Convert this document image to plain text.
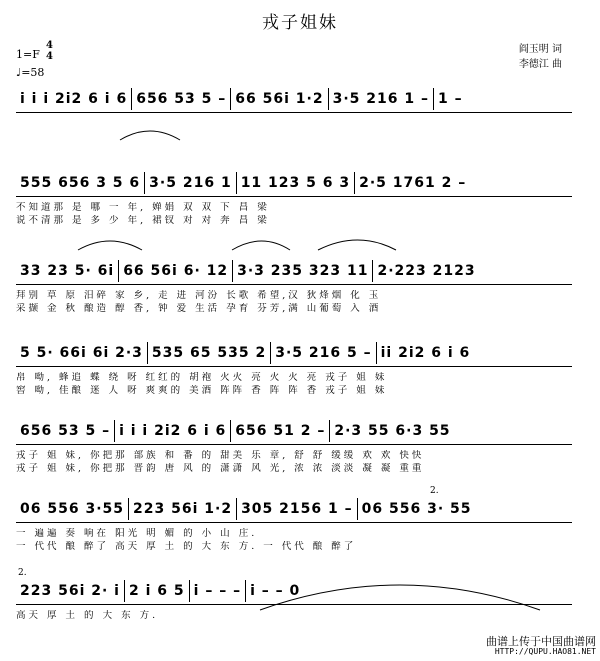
戎子姐妹
1=F
4
4
♩=58
阎玉明 词
李德江 曲
i i i 2i2 6 i 6 656 53 5 – 66 56i 1·2 3·5 216 1 – 1 –
555 656 3 5 6 3·5 216 1 11 123 5 6 3 2·5 1761 2 –
不知道那 是 哪 一 年, 婵娟 双 双 下 昌 梁
说不清那 是 多 少 年, 裙钗 对 对 奔 昌 梁
33 23 5· 6i 66 56i 6· 12 3·3 235 323 11 2·223 2123
拜别 草 原 汨碎 家 乡, 走 进 河汾 长歌 希望,汉 狄烽烟 化 玉
采撷 金 秋 酿造 醇 香, 钟 爱 生活 孕育 芬芳,满 山葡萄 入 酒
5 5· 66i 6i 2·3 535 65 535 2 3·5 216 5 – ii 2i2 6 i 6
帛 呦, 蜂追 蝶 绕 呀 红红的 胡袍 火火 亮 火 火 亮 戎子 姐 妹
窖 呦, 佳酿 迷 人 呀 爽爽的 美酒 阵阵 香 阵 阵 香 戎子 姐 妹
656 53 5 – i i i 2i2 6 i 6 656 51 2 – 2·3 55 6·3 55
戎子 姐 妹, 你把那 部族 和 番 的 甜美 乐 章, 舒 舒 缓缓 欢 欢 快快
戎子 姐 妹, 你把那 晋韵 唐 风 的 潇潇 风 光, 浓 浓 淡淡 凝 凝 重重
06 556 3·55 223 56i 1·2 305 2156 1 – 06 556 3· 55
一 遍遍 奏 响在 阳光 明 媚 的 小 山 庄.
一 代代 酿 醉了 高天 厚 土 的 大 东 方. 一 代代 酿 醉了
223 56i 2· i 2 i 6 5 i – – – i – – 0
高天 厚 土 的 大 东 方.
2.
2.
曲谱上传于中国曲谱网
HTTP://QUPU.HAO81.NET
